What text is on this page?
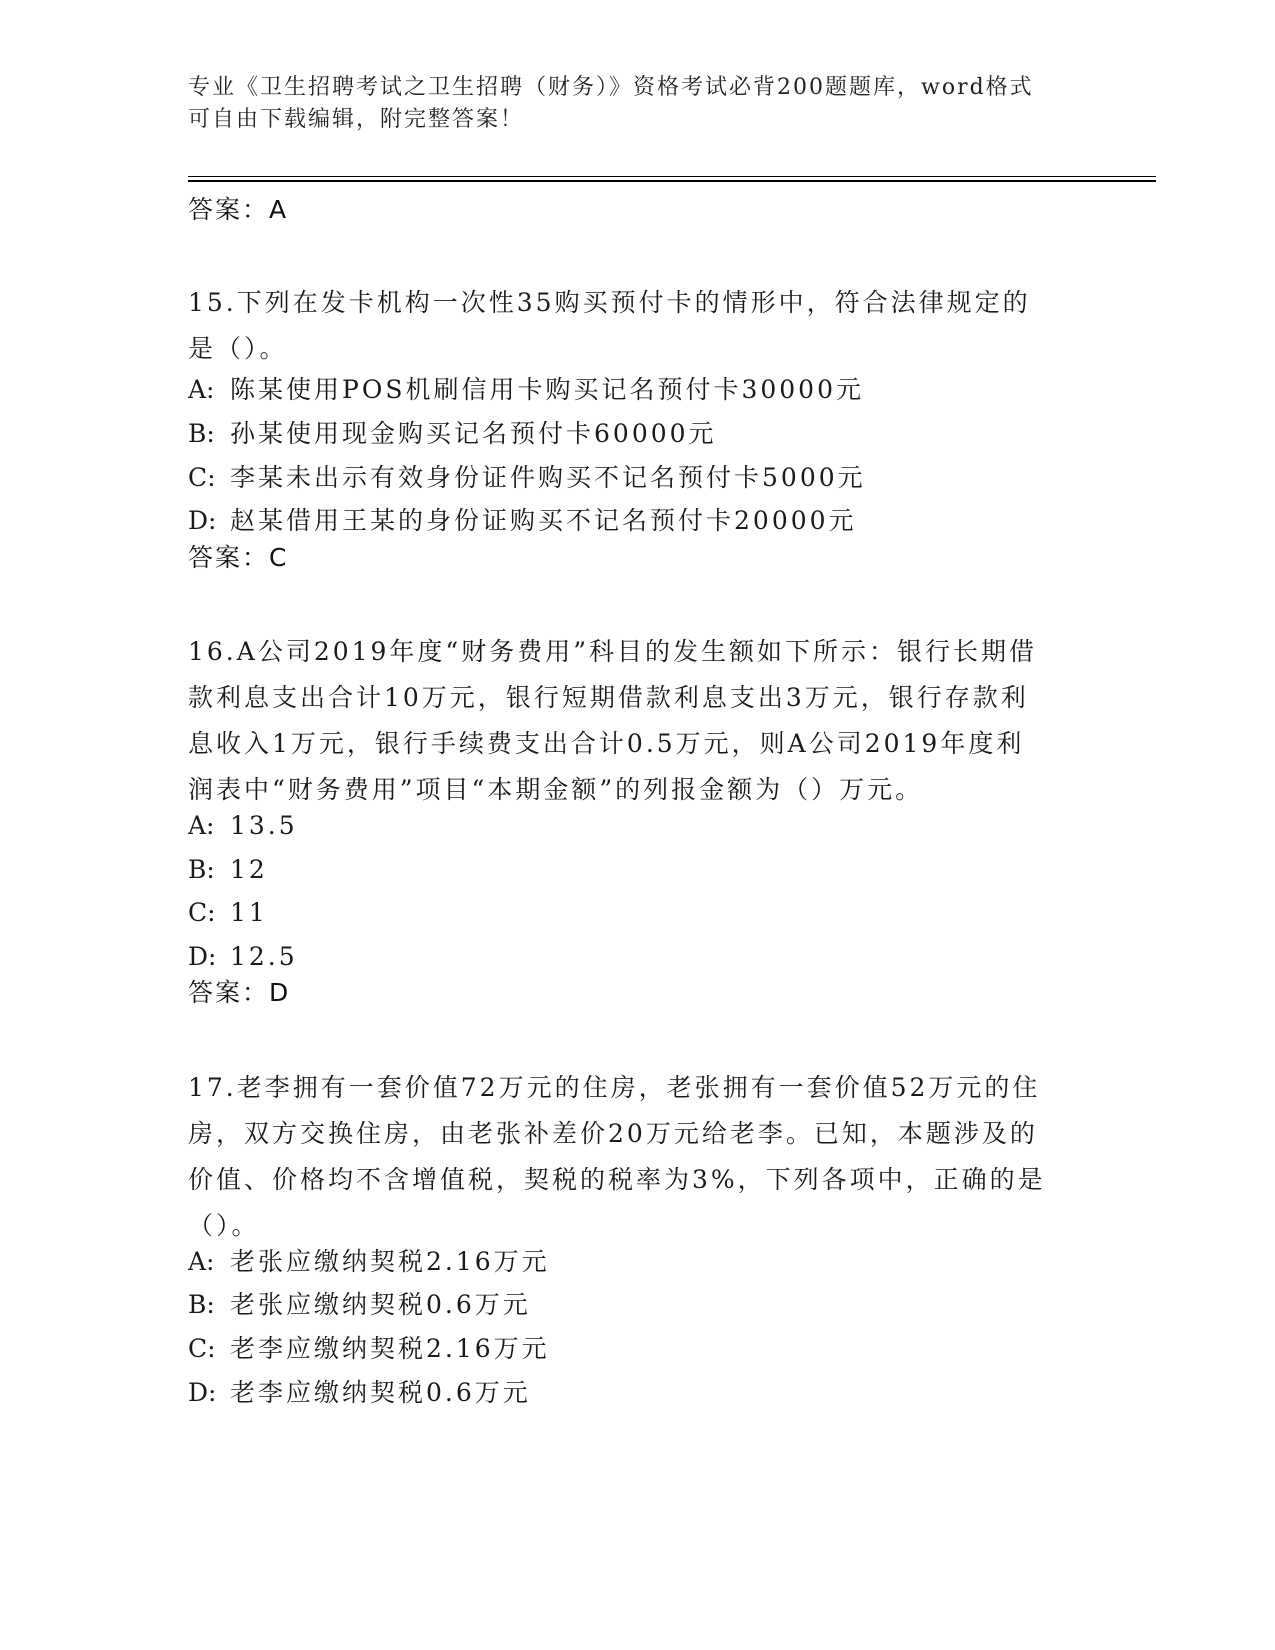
专业《卫生招聘考试之卫生招聘（财务）》资格考试必背200题题库，word格式
可自由下载编辑，附完整答案！
答案：A
15.下列在发卡机构一次性35购买预付卡的情形中，符合法律规定的
是（）。
A: 陈某使用POS机刷信用卡购买记名预付卡30000元
B: 孙某使用现金购买记名预付卡60000元
C: 李某未出示有效身份证件购买不记名预付卡5000元
D: 赵某借用王某的身份证购买不记名预付卡20000元
答案：C
16.A公司2019年度“财务费用”科目的发生额如下所示：银行长期借
款利息支出合计10万元，银行短期借款利息支出3万元，银行存款利
息收入1万元，银行手续费支出合计0.5万元，则A公司2019年度利
润表中“财务费用”项目“本期金额”的列报金额为（）万元。
A: 13.5
B: 12
C: 11
D: 12.5
答案：D
17.老李拥有一套价值72万元的住房，老张拥有一套价值52万元的住
房，双方交换住房，由老张补差价20万元给老李。已知，本题涉及的
价值、价格均不含增值税，契税的税率为3%，下列各项中，正确的是
（）。
A: 老张应缴纳契税2.16万元
B: 老张应缴纳契税0.6万元
C: 老李应缴纳契税2.16万元
D: 老李应缴纳契税0.6万元
